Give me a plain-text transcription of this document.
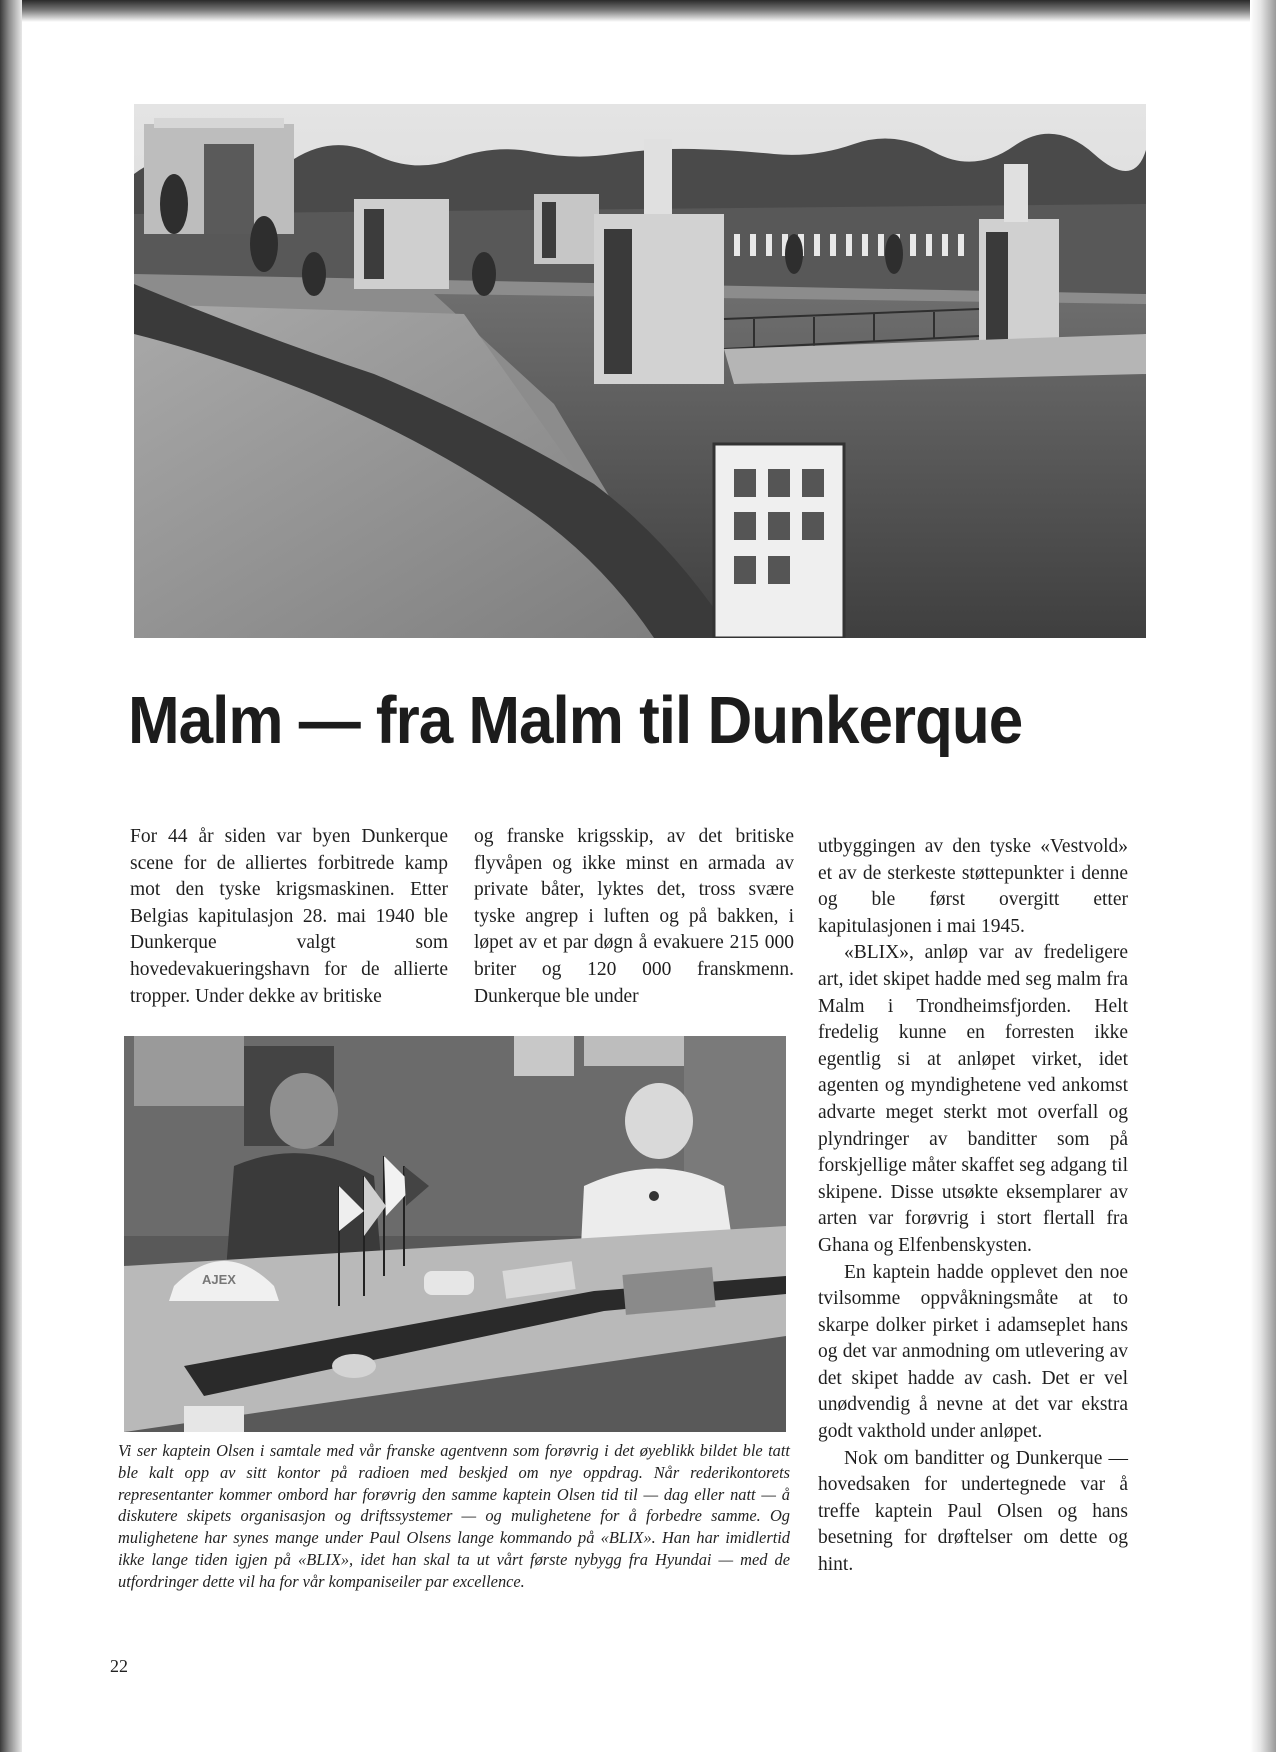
Malm — fra Malm til Dunkerque

For 44 år siden var byen Dunkerque scene for de alliertes forbitrede kamp mot den tyske krigsmaskinen. Etter Belgias kapitulasjon 28. mai 1940 ble Dunkerque valgt som hovedevakueringshavn for de allierte tropper. Under dekke av britiske

og franske krigsskip, av det britiske flyvåpen og ikke minst en armada av private båter, lyktes det, tross svære tyske angrep i luften og på bakken, i løpet av et par døgn å evakuere 215 000 briter og 120 000 franskmenn. Dunkerque ble under

utbyggingen av den tyske «Vestvold» et av de sterkeste støttepunkter i denne og ble først overgitt etter kapitulasjonen i mai 1945.

«BLIX», anløp var av fredeligere art, idet skipet hadde med seg malm fra Malm i Trondheimsfjorden. Helt fredelig kunne en forresten ikke egentlig si at anløpet virket, idet agenten og myndighetene ved ankomst advarte meget sterkt mot overfall og plyndringer av banditter som på forskjellige måter skaffet seg adgang til skipene. Disse utsøkte eksemplarer av arten var forøvrig i stort flertall fra Ghana og Elfenbenskysten.

En kaptein hadde opplevet den noe tvilsomme oppvåkningsmåte at to skarpe dolker pirket i adamseplet hans og det var anmodning om utlevering av det skipet hadde av cash. Det er vel unødvendig å nevne at det var ekstra godt vakthold under anløpet.

Nok om banditter og Dunkerque — hovedsaken for undertegnede var å treffe kaptein Paul Olsen og hans besetning for drøftelser om dette og hint.

AJEX
Vi ser kaptein Olsen i samtale med vår franske agentvenn som forøvrig i det øyeblikk bildet ble tatt ble kalt opp av sitt kontor på radioen med beskjed om nye oppdrag. Når rederikontorets representanter kommer ombord har forøvrig den samme kaptein Olsen tid til — dag eller natt — å diskutere skipets organisasjon og driftssystemer — og mulighetene for å forbedre samme. Og mulighetene har synes mange under Paul Olsens lange kommando på «BLIX». Han har imidlertid ikke lange tiden igjen på «BLIX», idet han skal ta ut vårt første nybygg fra Hyundai — med de utfordringer dette vil ha for vår kompaniseiler par excellence.
22
